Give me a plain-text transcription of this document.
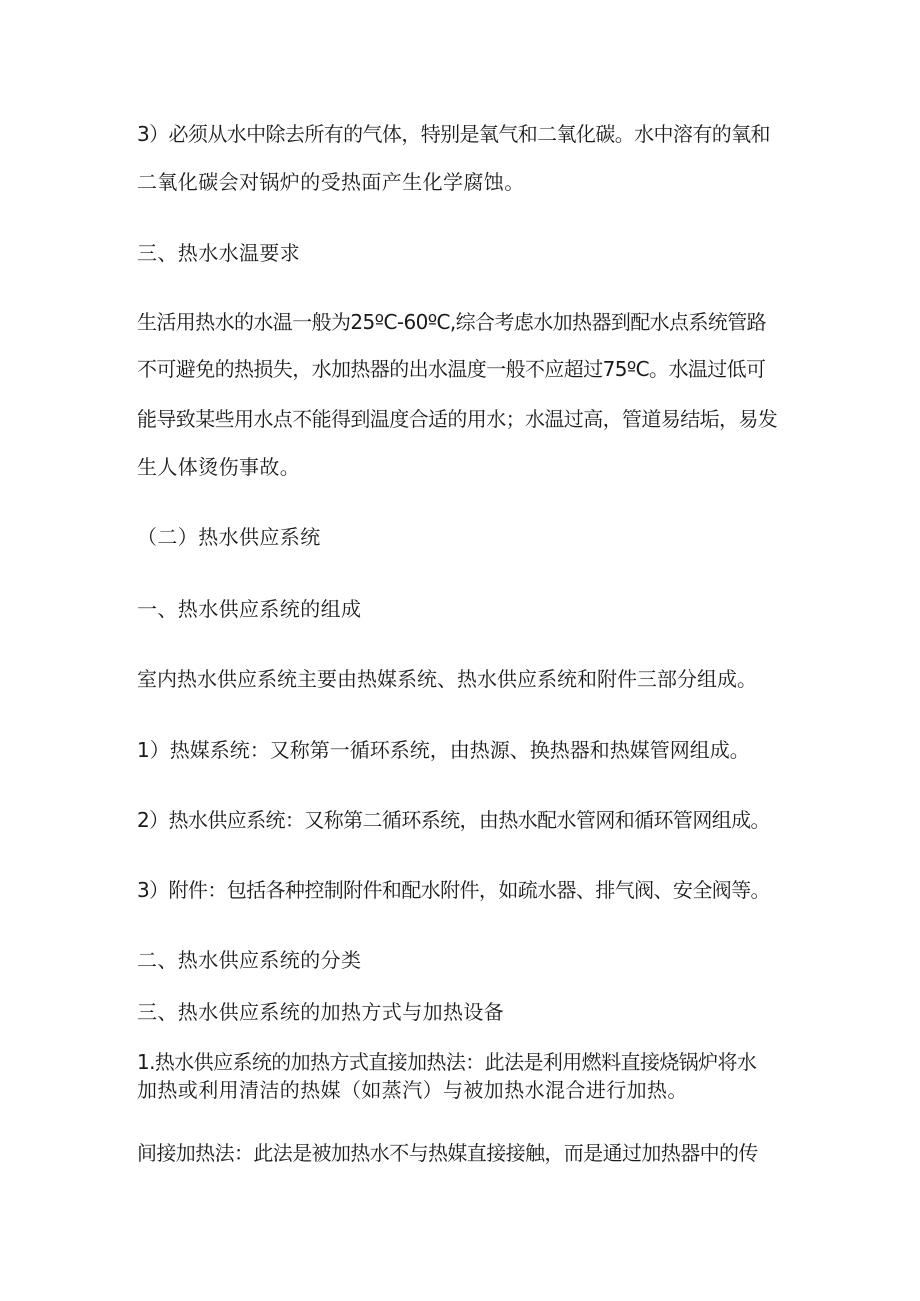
3）必须从水中除去所有的气体，特别是氧气和二氧化碳。水中溶有的氧和
二氧化碳会对锅炉的受热面产生化学腐蚀。
三、热水水温要求
生活用热水的水温一般为25ºC-60ºC,综合考虑水加热器到配水点系统管路
不可避免的热损失，水加热器的出水温度一般不应超过75ºC。水温过低可
能导致某些用水点不能得到温度合适的用水；水温过高，管道易结垢，易发
生人体烫伤事故。
（二）热水供应系统
一、热水供应系统的组成
室内热水供应系统主要由热媒系统、热水供应系统和附件三部分组成。
1）热媒系统：又称第一循环系统，由热源、换热器和热媒管网组成。
2）热水供应系统：又称第二循环系统，由热水配水管网和循环管网组成。
3）附件：包括各种控制附件和配水附件，如疏水器、排气阀、安全阀等。
二、热水供应系统的分类
三、热水供应系统的加热方式与加热设备
1.热水供应系统的加热方式直接加热法：此法是利用燃料直接烧锅炉将水
加热或利用清洁的热媒（如蒸汽）与被加热水混合进行加热。
间接加热法：此法是被加热水不与热媒直接接触，而是通过加热器中的传
